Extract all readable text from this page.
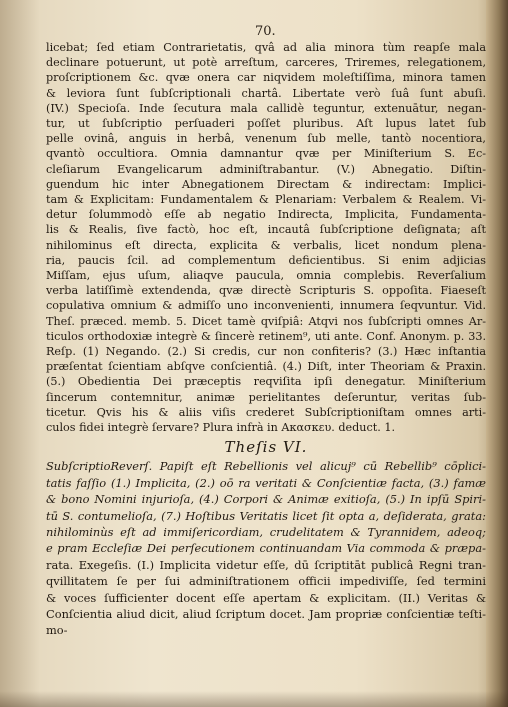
70.
licebat; ſed etiam Contrarietatis, qvâ ad alia minora tùm reapſe mala
declinare potuerunt, ut potè arreſtum, carceres, Triremes, relegationem,
proſcriptionem &c. qvæ onera car niqvidem moleſtiſſima, minora tamen
& leviora ſunt ſubſcriptionali chartâ. Libertate verò ſuâ ſunt abuſi.
(IV.) Specioſa. Inde ſecutura mala callidè teguntur, extenuātur, negan-
tur, ut ſubſcriptio perſuaderi poſſet pluribus. Aſt lupus latet ſub
pelle ovinâ, anguis in herbâ, venenum ſub melle, tantò nocentiora,
qvantò occultiora. Omnia damnantur qvæ per Miniſterium S. Ec-
cleſiarum Evangelicarum adminiſtrabantur. (V.) Abnegatio. Diſtin-
guendum hic inter Abnegationem Directam & indirectam: Implici-
tam & Explicitam: Fundamentalem & Plenariam: Verbalem & Realem. Vi-
detur ſolummodò eſſe ab negatio Indirecta, Implicita, Fundamenta-
lis & Realis, ſive factò, hoc eſt, incautâ ſubſcriptione deſignata; aſt
nihilominus eſt directa, explicita & verbalis, licet nondum plena-
ria, paucis ſcil. ad complementum deficientibus. Si enim adjicias
Miſſam, ejus uſum, aliaqve paucula, omnia complebis. Reverſalium
verba latiſſimè extendenda, qvæ directè Scripturis S. oppoſita. Fiaeseſt
copulativa omnium & admiſſo uno inconvenienti, innumera ſeqvuntur. Vid.
Theſ. præced. memb. 5. Dicet tamè qviſpiâ: Atqvi nos ſubſcripti omnes Ar-
ticulos orthodoxiæ integrè & ſincerè retinem⁹, uti ante. Conf. Anonym. p. 33.
Reſp. (1) Negando. (2.) Si credis, cur non confiteris? (3.) Hæc inſtantia
præſentat ſcientiam abſqve conſcientiâ. (4.) Diſt, inter Theoriam & Praxin.
(5.) Obedientia Dei præceptis reqviſita ipſi denegatur. Miniſterium
ſincerum contemnitur, animæ perielitantes deſeruntur, veritas ſub-
ticetur. Qvis his & aliis viſis crederet Subſcriptioniſtam omnes arti-
culos fidei integrè ſervare? Plura infrà in Ακασκευ. deduct. 1.
Theſis VI.
SubſcriptioReverſ. Papiſt eſt Rebellionis vel alicuj⁹ cū Rebellib⁹ cōplici-
tatis faſſio (1.) Implicita, (2.) oō ra veritati & Conſcientiæ facta, (3.) famæ
& bono Nomini injurioſa, (4.) Corpori & Animæ exitioſa, (5.) In ipſū Spiri-
tū S. contumelioſa, (7.) Hoſtibus Veritatis licet ſit opta a, deſiderata, grata:
nihilominùs eſt ad immiſericordiam, crudelitatem & Tyrannidem, adeoq;
e pram Eccleſiæ Dei perſecutionem continuandam Via commoda & præpa-
rata. Exegeſis. (I.) Implicita videtur eſſe, dū ſcriptitāt publicâ Regni tran-
qvillitatem ſe per ſui adminiſtrationem officii impediviſſe, ſed termini
& voces ſufficienter docent eſſe apertam & explicitam. (II.) Veritas &
Conſcientia aliud dicit, aliud ſcriptum docet. Jam propriæ conſcientiæ teſti-
mo-
